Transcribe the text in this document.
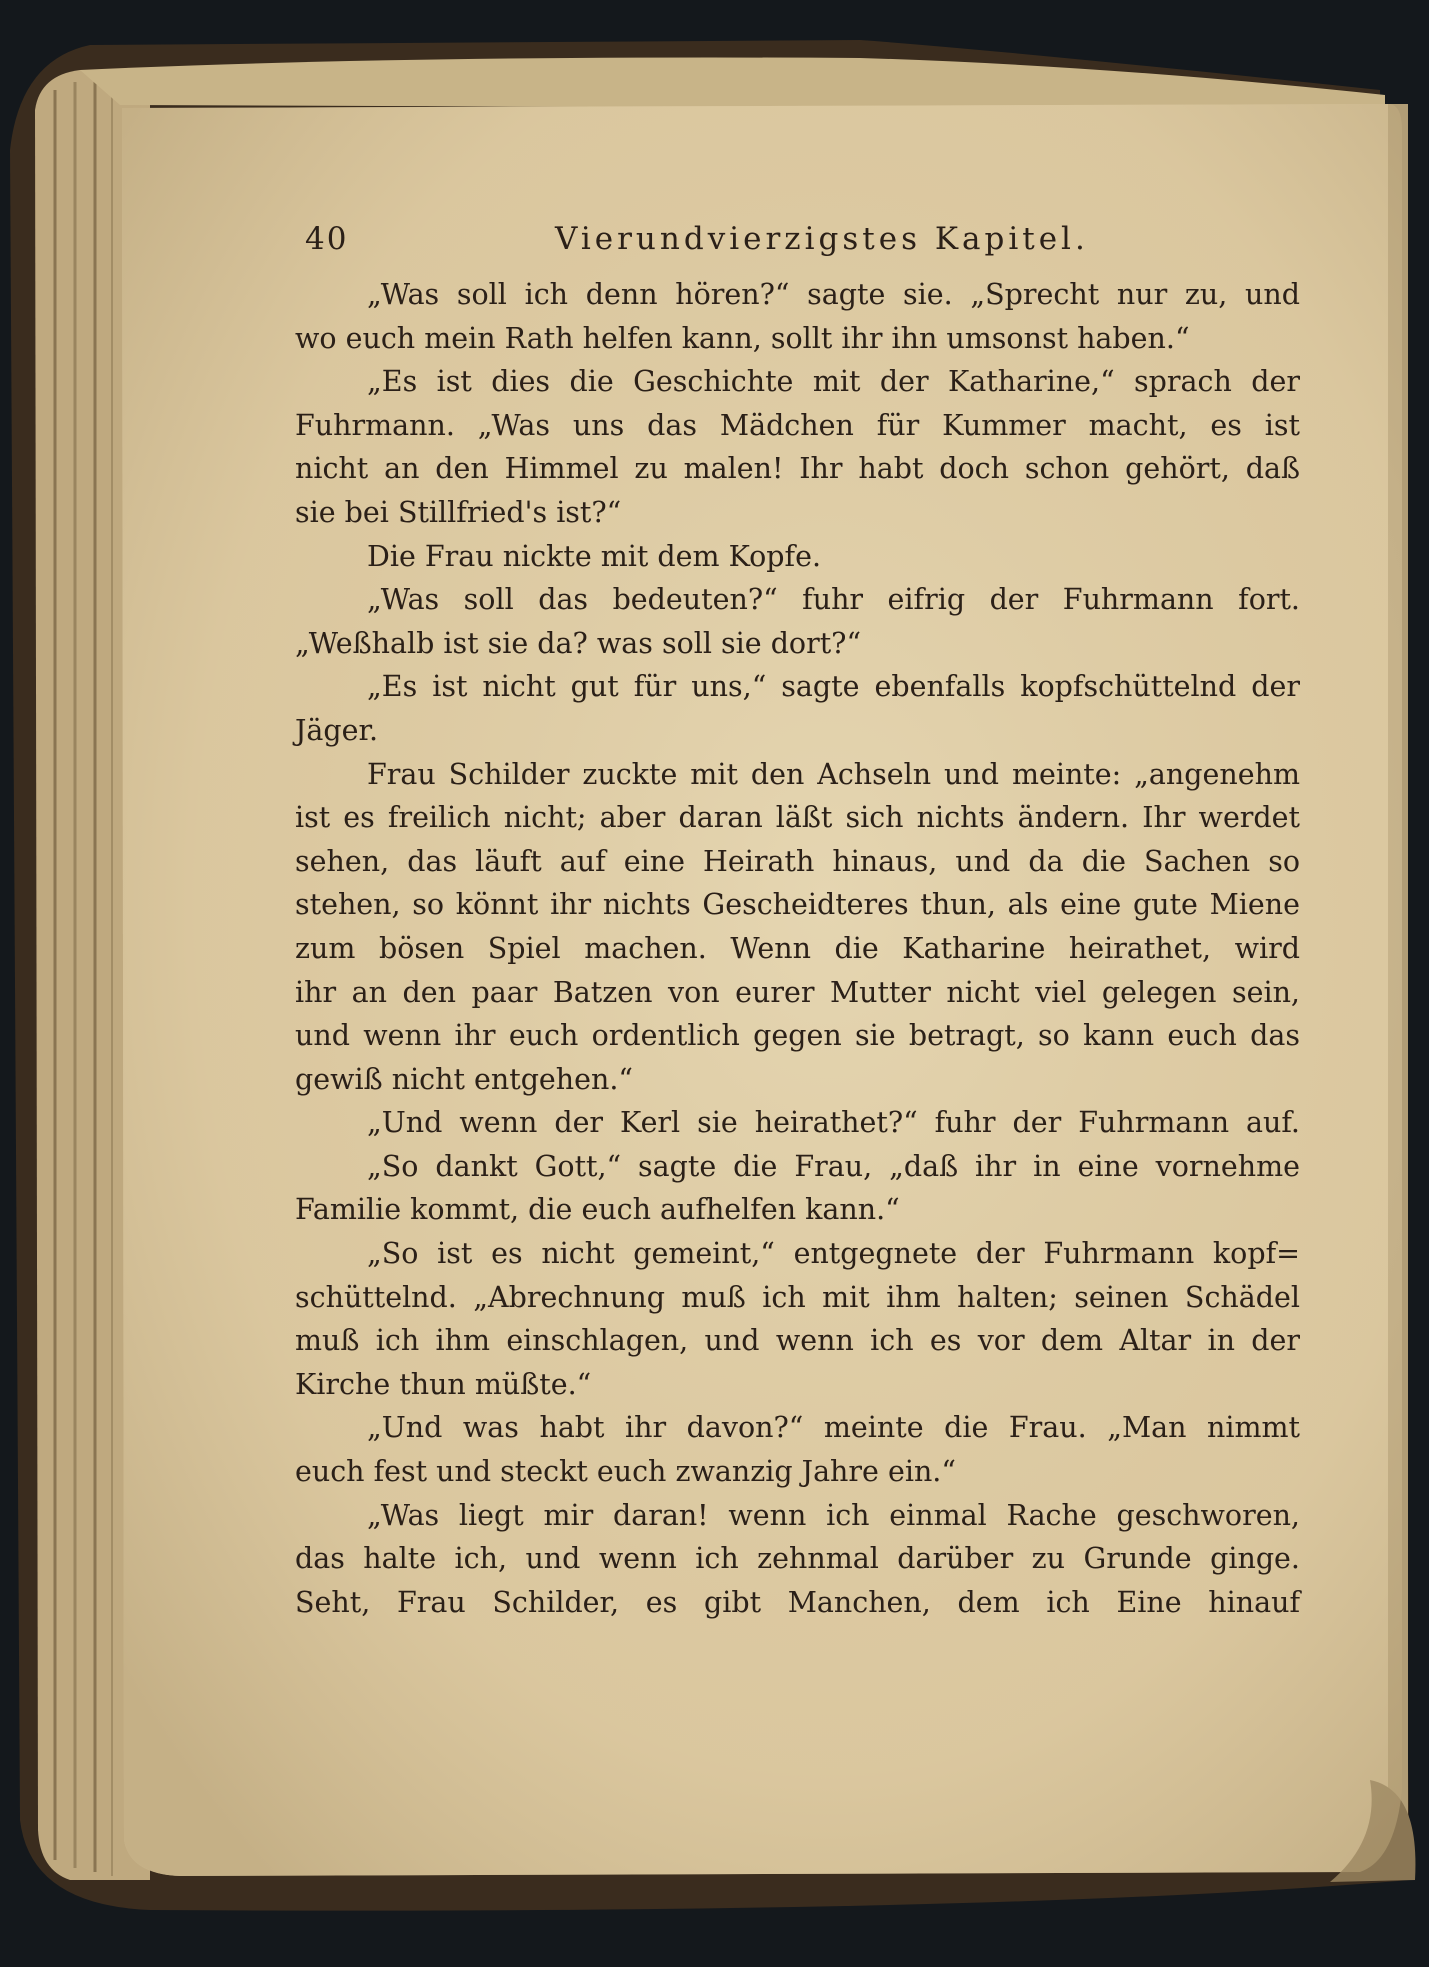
40	Vierundvierzigstes Kapitel.
„Was soll ich denn hören?“ sagte sie. „Sprecht nur zu, und
wo euch mein Rath helfen kann, sollt ihr ihn umsonst haben.“
„Es ist dies die Geschichte mit der Katharine,“ sprach der
Fuhrmann. „Was uns das Mädchen für Kummer macht, es ist
nicht an den Himmel zu malen! Ihr habt doch schon gehört, daß
sie bei Stillfried's ist?“
Die Frau nickte mit dem Kopfe.
„Was soll das bedeuten?“ fuhr eifrig der Fuhrmann fort.
„Weßhalb ist sie da? was soll sie dort?“
„Es ist nicht gut für uns,“ sagte ebenfalls kopfschüttelnd der
Jäger.
Frau Schilder zuckte mit den Achseln und meinte: „angenehm
ist es freilich nicht; aber daran läßt sich nichts ändern. Ihr werdet
sehen, das läuft auf eine Heirath hinaus, und da die Sachen so
stehen, so könnt ihr nichts Gescheidteres thun, als eine gute Miene
zum bösen Spiel machen. Wenn die Katharine heirathet, wird
ihr an den paar Batzen von eurer Mutter nicht viel gelegen sein,
und wenn ihr euch ordentlich gegen sie betragt, so kann euch das
gewiß nicht entgehen.“
„Und wenn der Kerl sie heirathet?“ fuhr der Fuhrmann auf.
„So dankt Gott,“ sagte die Frau, „daß ihr in eine vornehme
Familie kommt, die euch aufhelfen kann.“
„So ist es nicht gemeint,“ entgegnete der Fuhrmann kopf=
schüttelnd. „Abrechnung muß ich mit ihm halten; seinen Schädel
muß ich ihm einschlagen, und wenn ich es vor dem Altar in der
Kirche thun müßte.“
„Und was habt ihr davon?“ meinte die Frau. „Man nimmt
euch fest und steckt euch zwanzig Jahre ein.“
„Was liegt mir daran! wenn ich einmal Rache geschworen,
das halte ich, und wenn ich zehnmal darüber zu Grunde ginge.
Seht, Frau Schilder, es gibt Manchen, dem ich Eine hinauf
